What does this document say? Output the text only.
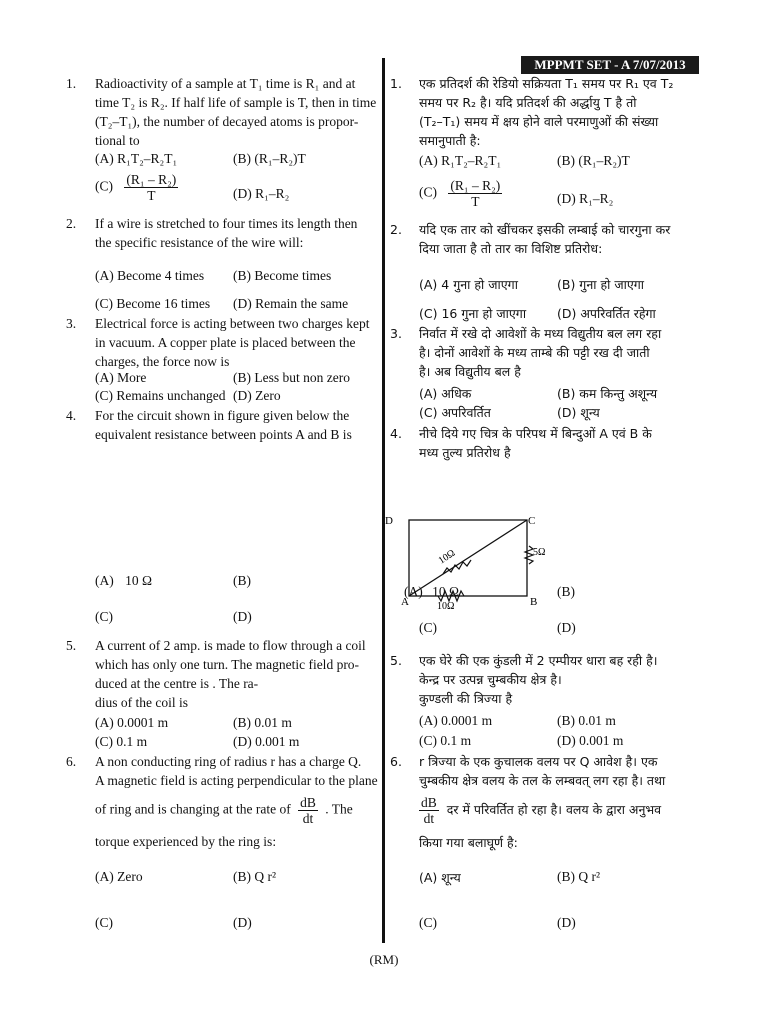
MPPMT SET - A 7/07/2013
1.	Radioactivity of a sample at T₁ time is R₁ and at
time T₂ is R₂. If half life of sample is T, then in time
(T₂–T₁), the number of decayed atoms is propor-
tional to
(A) R₁T₂–R₂T₁	(B) (R₁–R₂)T
$(C) \frac{\text{(R₁ – R₂)}}{T}$	(D) R₁–R₂
2.	If a wire is stretched to four times its length then
the specific resistance of the wire will:
(A) Become 4 times (B) Become times
(C) Become 16 times (D) Remain the same
3.	Electrical force is acting between two charges kept
in vacuum. A copper plate is placed between the
charges, the force now is
(A) More	(B) Less but non zero
(C) Remains unchanged (D) Zero
4.	For the circuit shown in figure given below the
equivalent resistance between points A and B is
(A) 10 Ω	(B)
(C)	(D)
5.	A current of 2 amp. is made to flow through a coil
which has only one turn. The magnetic field pro-
duced at the centre is . The ra-
dius of the coil is
(A) 0.0001 m	(B) 0.01 m
(C) 0.1 m	(D) 0.001 m
6.	A non conducting ring of radius r has a charge Q.
A magnetic field is acting perpendicular to the plane
of ring and is changing at the rate of $\frac{dB}{dt}$ . The
torque experienced by the ring is:
(A) Zero	(B) Q r²
(C)	(D)
1.	एक प्रतिदर्श की रेडियो सक्रियता T₁ समय पर R₁ एव T₂
समय पर R₂ है। यदि प्रतिदर्श की अर्द्धायु T है तो
(T₂–T₁) समय में क्षय होने वाले परमाणुओं की संख्या
समानुपाती है:
(A) R₁T₂–R₂T₁	(B) (R₁–R₂)T
$(C) \frac{\text{(R₁ – R₂)}}{T}$	(D) R₁–R₂
2.	यदि एक तार को खींचकर इसकी लम्बाई को चारगुना कर
दिया जाता है तो तार का विशिष्ट प्रतिरोध:
(A) 4 गुना हो जाएगा	(B) गुना हो जाएगा
(C) 16 गुना हो जाएगा (D) अपरिवर्तित रहेगा
3.	निर्वात में रखे दो आवेशों के मध्य विद्युतीय बल लग रहा
है। दोनों आवेशों के मध्य ताम्बे की पट्टी रख दी जाती
है। अब विद्युतीय बल है
(A) अधिक	(B) कम किन्तु अशून्य
(C) अपरिवर्तित	(D) शून्य
4.	नीचे दिये गए चित्र के परिपथ में बिन्दुओं A एवं B के
मध्य तुल्य प्रतिरोध है
A	B
C
D
10Ω	5Ω
10Ω
(A) 10 Ω	(B)
(C)	(D)
5.	एक घेरे की एक कुंडली में 2 एम्पीयर धारा बह रही है।
केन्द्र पर उत्पन्न चुम्बकीय क्षेत्र है।
कुण्डली की त्रिज्या है
(A) 0.0001 m	(B) 0.01 m
(C) 0.1 m	(D) 0.001 m
6.	r त्रिज्या के एक कुचालक वलय पर Q आवेश है। एक
चुम्बकीय क्षेत्र वलय के तल के लम्बवत् लग रहा है। तथा
$\frac{dB}{dt}$ दर में परिवर्तित हो रहा है। वलय के द्वारा अनुभव
किया गया बलाघूर्ण है:
(A) शून्य	(B) Q r²
(C)	(D)
(RM)
